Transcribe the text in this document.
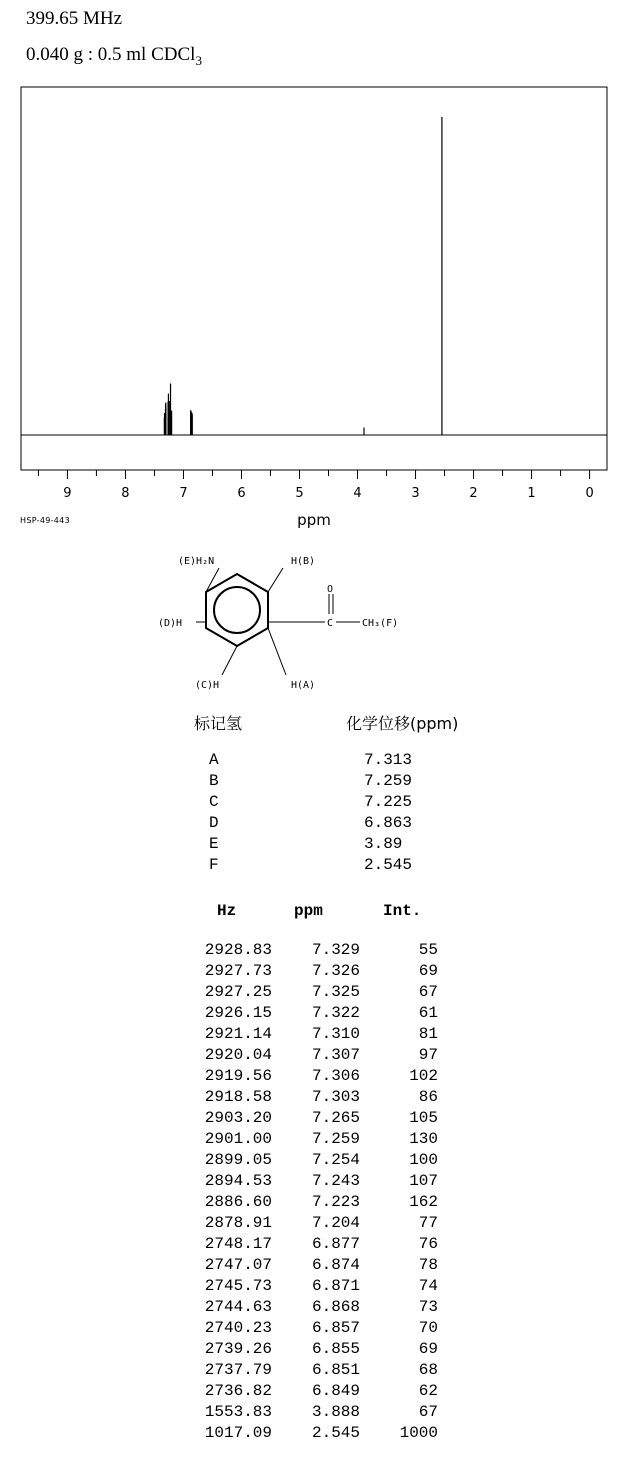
399.65 MHz
0.040 g : 0.5 ml CDCl$_3$
9	8	7	6	5	4	3	2	1	0
ppm
HSP-49-443
(E)H₂N	H(B)
(D)H
O
C	CH₃(F)
(C)H	H(A)
标记氢	化学位移(ppm)
A	7.313
B	7.259
C	7.225
D	6.863
E	3.89
F	2.545
Hz	ppm	Int.
2928.83	7.329	55
2927.73	7.326	69
2927.25	7.325	67
2926.15	7.322	61
2921.14	7.310	81
2920.04	7.307	97
2919.56	7.306	102
2918.58	7.303	86
2903.20	7.265	105
2901.00	7.259	130
2899.05	7.254	100
2894.53	7.243	107
2886.60	7.223	162
2878.91	7.204	77
2748.17	6.877	76
2747.07	6.874	78
2745.73	6.871	74
2744.63	6.868	73
2740.23	6.857	70
2739.26	6.855	69
2737.79	6.851	68
2736.82	6.849	62
1553.83	3.888	67
1017.09	2.545	1000
